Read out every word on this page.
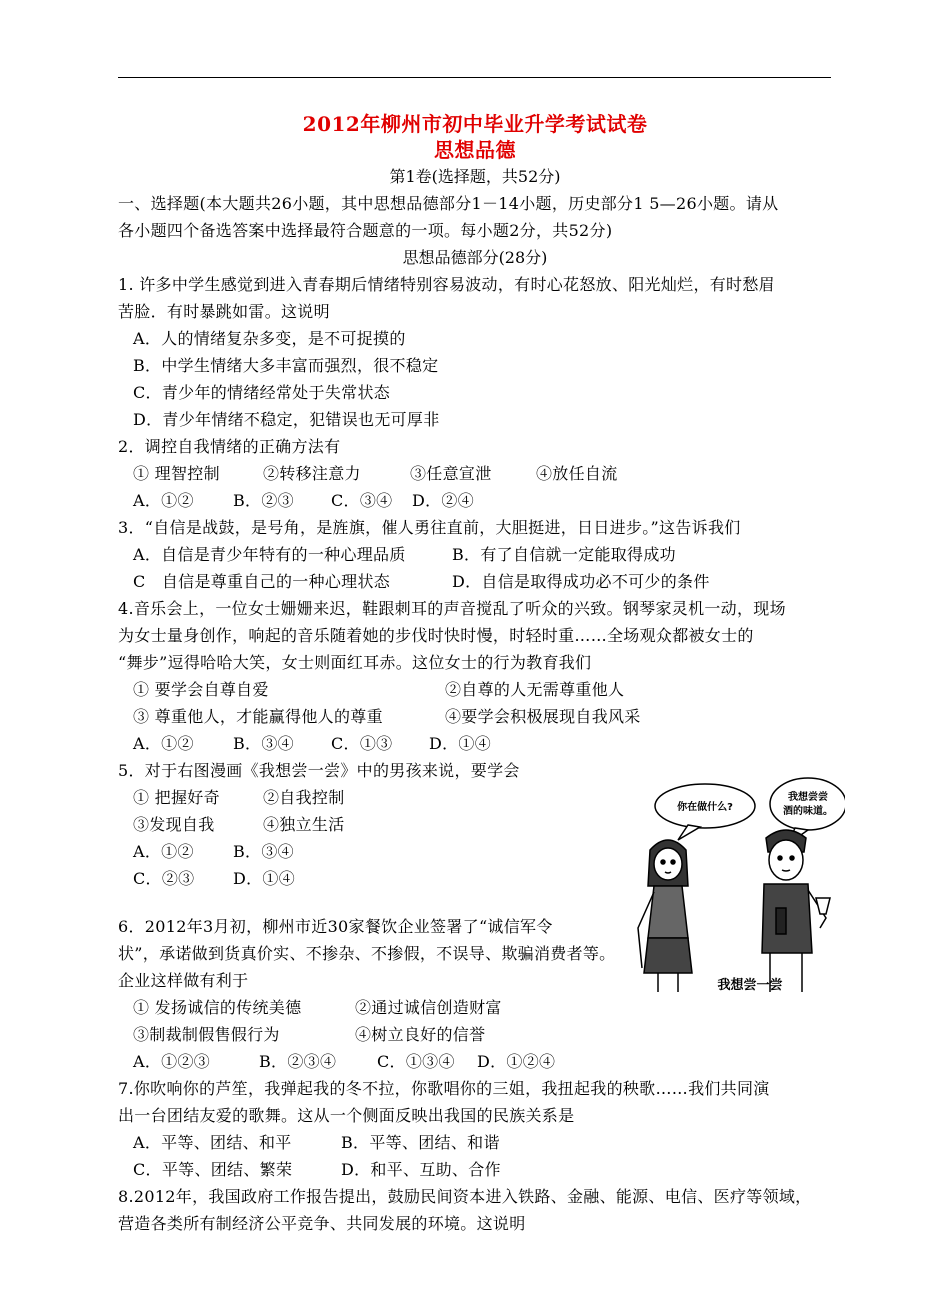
2012年柳州市初中毕业升学考试试卷
思想品德
第1卷(选择题，共52分)
一、选择题(本大题共26小题，其中思想品德部分1－14小题，历史部分1 5—26小题。请从
各小题四个备选答案中选择最符合题意的一项。每小题2分，共52分)
思想品德部分(28分)
1. 许多中学生感觉到进入青春期后情绪特别容易波动，有时心花怒放、阳光灿烂，有时愁眉
苦脸．有时暴跳如雷。这说明
A．人的情绪复杂多变，是不可捉摸的
B．中学生情绪大多丰富而强烈，很不稳定
C．青少年的情绪经常处于失常状态
D．青少年情绪不稳定，犯错误也无可厚非
2．调控自我情绪的正确方法有
① 理智控制	②转移注意力	③任意宣泄	④放任自流
A．①② B．②③ C．③④ D．②④
3．“自信是战鼓，是号角，是旌旗，催人勇往直前，大胆挺进，日日进步。”这告诉我们
A．自信是青少年特有的一种心理品质	B．有了自信就一定能取得成功
C　自信是尊重自己的一种心理状态	D．自信是取得成功必不可少的条件
4.音乐会上，一位女士姗姗来迟，鞋跟刺耳的声音搅乱了听众的兴致。钢琴家灵机一动，现场
为女士量身创作，响起的音乐随着她的步伐时快时慢，时轻时重……全场观众都被女士的
“舞步”逗得哈哈大笑，女士则面红耳赤。这位女士的行为教育我们
① 要学会自尊自爱	②自尊的人无需尊重他人
③ 尊重他人，才能赢得他人的尊重	④要学会积极展现自我风采
A．①② B．③④ C．①③ D．①④
5．对于右图漫画《我想尝一尝》中的男孩来说，要学会
① 把握好奇	②自我控制
③发现自我	④独立生活
A．①② B．③④
C．②③ D．①④
你在做什么?
我想尝尝
酒的味道。
我想尝一尝
6．2012年3月初，柳州市近30家餐饮企业签署了“诚信军令
状”，承诺做到货真价实、不掺杂、不掺假，不误导、欺骗消费者等。
企业这样做有利于
① 发扬诚信的传统美德	②通过诚信创造财富
③制裁制假售假行为	④树立良好的信誉
A．①②③	B．②③④	C．①③④ D．①②④
7.你吹响你的芦笙，我弹起我的冬不拉，你歌唱你的三姐，我扭起我的秧歌……我们共同演
出一台团结友爱的歌舞。这从一个侧面反映出我国的民族关系是
A．平等、团结、和平	B．平等、团结、和谐
C．平等、团结、繁荣	D．和平、互助、合作
8.2012年，我国政府工作报告提出，鼓励民间资本进入铁路、金融、能源、电信、医疗等领域，
营造各类所有制经济公平竞争、共同发展的环境。这说明
